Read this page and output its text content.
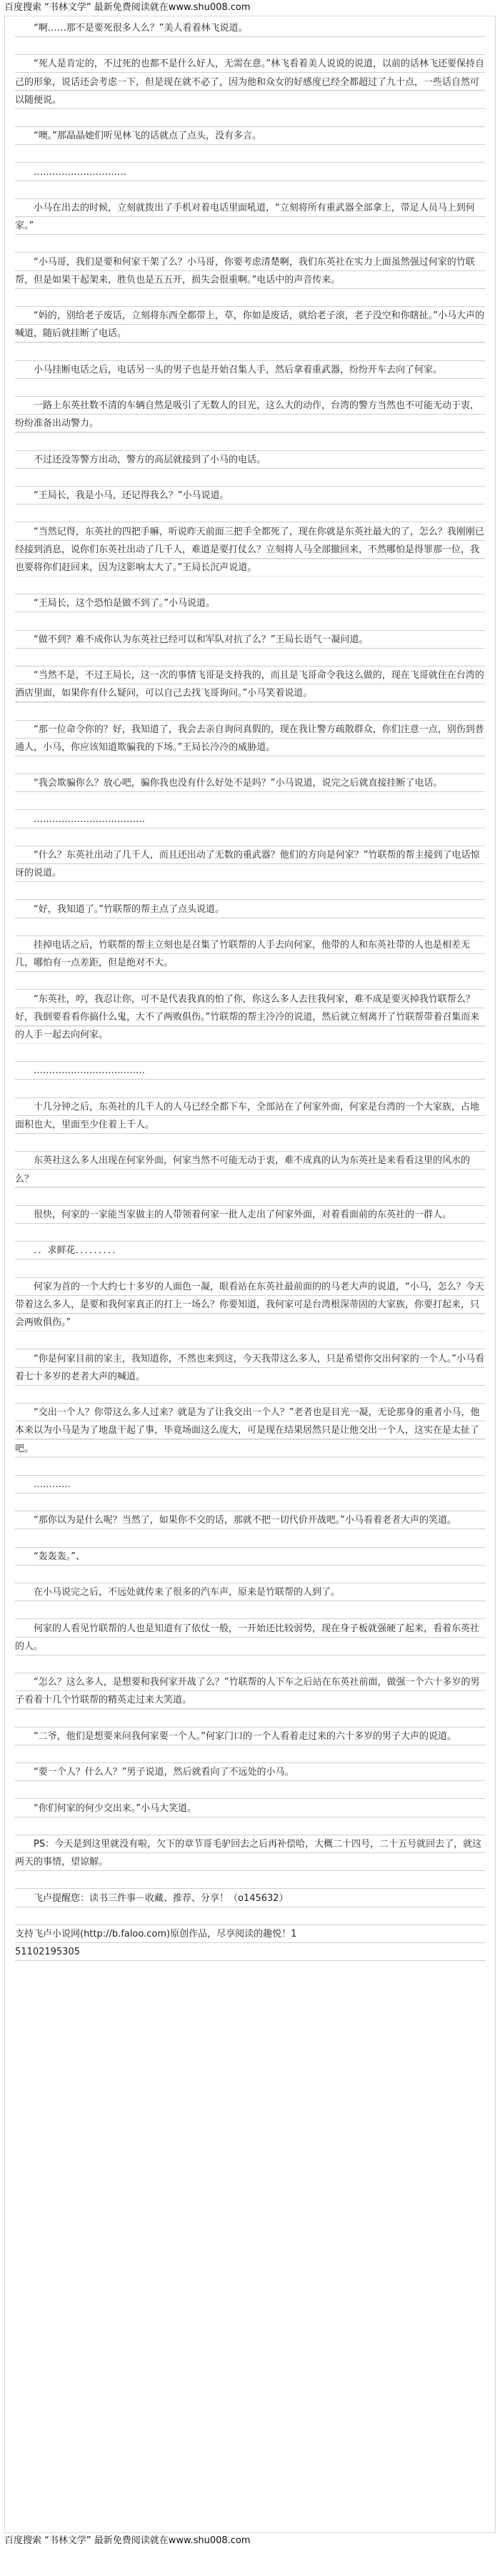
百度搜索 “书林文学” 最新免费阅读就在www.shu008.com

“啊……那不是要死很多人么？”美人看着林飞说道。

“死人是肯定的，不过死的也都不是什么好人，无需在意。”林飞看着美人说说的说道，以前的话林飞还要保持自己的形象，说话还会考虑一下，但是现在就不必了，因为他和众女的好感度已经全都超过了九十点，一些话自然可以随便说。

“噢。”那晶晶她们听见林飞的话就点了点头，没有多言。

…………………………

小马在出去的时候，立刻就拨出了手机对着电话里面吼道，“立刻将所有重武器全部拿上，带足人员马上到何家。”

“小马哥，我们是要和何家干架了么？小马哥，你要考虑清楚啊，我们东英社在实力上面虽然强过何家的竹联帮，但是如果干起架来，胜负也是五五开，损失会很重啊。”电话中的声音传来。

“妈的，别给老子废话，立刻将东西全都带上，草，你如是废话，就给老子滚，老子没空和你瞎扯。”小马大声的喊道，随后就挂断了电话。

小马挂断电话之后，电话另一头的男子也是开始召集人手，然后拿着重武器，纷纷开车去向了何家。

一路上东英社数不清的车辆自然是吸引了无数人的目光，这么大的动作，台湾的警方当然也不可能无动于衷，纷纷准备出动警力。

不过还没等警方出动，警方的高层就接到了小马的电话。

“王局长，我是小马，还记得我么？”小马说道。

“当然记得，东英社的四把手嘛，听说昨天前面三把手全都死了，现在你就是东英社最大的了，怎么？我刚刚已经接到消息，说你们东英社出动了几千人，难道是要打仗么？立刻将人马全部撤回来，不然哪怕是得罪那一位，我也要将你们赶回来，因为这影响太大了。”王局长沉声说道。

“王局长，这个恐怕是做不到了。”小马说道。

“做不到？难不成你认为东英社已经可以和军队对抗了么？”王局长语气一凝问道。

“当然不是，不过王局长，这一次的事情飞哥是支持我的，而且是飞哥命令我这么做的，现在飞哥就住在台湾的酒店里面，如果你有什么疑问，可以自己去找飞哥询问。”小马笑着说道。

“那一位命令你的？好，我知道了，我会去亲自询问真假的，现在我让警方疏散群众，你们注意一点，别伤到普通人，小马，你应该知道欺骗我的下场。”王局长冷冷的威胁道。

“我会欺骗你么？放心吧，骗你我也没有什么好处不是吗？”小马说道，说完之后就直接挂断了电话。

………………………………

“什么？东英社出动了几千人，而且还出动了无数的重武器？他们的方向是何家？”竹联帮的帮主接到了电话惊讶的说道。

“好，我知道了。”竹联帮的帮主点了点头说道。

挂掉电话之后，竹联帮的帮主立刻也是召集了竹联帮的人手去向何家，他带的人和东英社带的人也是相差无几，哪怕有一点差距，但是绝对不大。

“东英社，哼，我忍让你，可不是代表我真的怕了你，你这么多人去往我何家，难不成是要灭掉我竹联帮么？好，我倒要看看你搞什么鬼，大不了两败俱伤。”竹联帮的帮主冷冷的说道，然后就立刻离开了竹联帮带着召集而来的人手一起去向何家。

………………………………

十几分钟之后，东英社的几千人的人马已经全都下车，全部站在了何家外面，何家是台湾的一个大家族，占地面积也大，里面至少住着上千人。

东英社这么多人出现在何家外面，何家当然不可能无动于衷，难不成真的认为东英社是来看看这里的风水的么？

很快，何家的一家能当家做主的人带领着何家一批人走出了何家外面，对着看面前的东英社的一群人。

．．求鲜花．．．．．．．．．

何家为首的一个大约七十多岁的人面色一凝，眼看站在东英社最前面的的马老大声的说道，“小马，怎么？今天带着这么多人，是要和我何家真正的打上一场么？你要知道，我何家可是台湾根深蒂固的大家族，你要打起来，只会两败俱伤。”

“你是何家目前的家主，我知道你，不然也来到这，今天我带这么多人，只是希望你交出何家的一个人。”小马看着七十多岁的老者大声的喊道。

“交出一个人？你带这么多人过来？就是为了让我交出一个人？”老者也是目光一凝，无论那身的重者小马，他本来以为小马是为了地盘干起了事，毕竟场面这么庞大，可是现在结果居然只是让他交出一个人，这实在是太扯了吧。

…………

“那你以为是什么呢？当然了，如果你不交的话，那就不把一切代价开战吧。”小马看着老者大声的笑道。

“轰轰轰。”、

在小马说完之后，不远处就传来了很多的汽车声，原来是竹联帮的人到了。

何家的人看见竹联帮的人也是知道有了依仗一般，一开始还比较弱势，现在身子板就强硬了起来，看着东英社的人。

“怎么？这么多人，是想要和我何家开战了么？”竹联帮的人下车之后站在东英社前面，做强一个六十多岁的男子看着十几个竹联帮的精英走过来大笑道。

“二爷，他们是想要来问我何家要一个人。”何家门口的一个人看着走过来的六十多岁的男子大声的说道。

“要一个人？什么人？”男子说道，然后就看向了不远处的小马。

“你们何家的何少交出来。”小马大笑道。

PS：今天是到这里就没有啦，欠下的章节哥毛驴回去之后再补偿哈，大概二十四号，二十五号就回去了，就这两天的事情，望谅解。

飞卢提醒您：读书三件事－收藏、推荐、分享！（o145632）

支持飞卢小说网(http://b.faloo.com)原创作品，尽享阅读的趣悦！1

51102195305

百度搜索 “书林文学” 最新免费阅读就在www.shu008.com
